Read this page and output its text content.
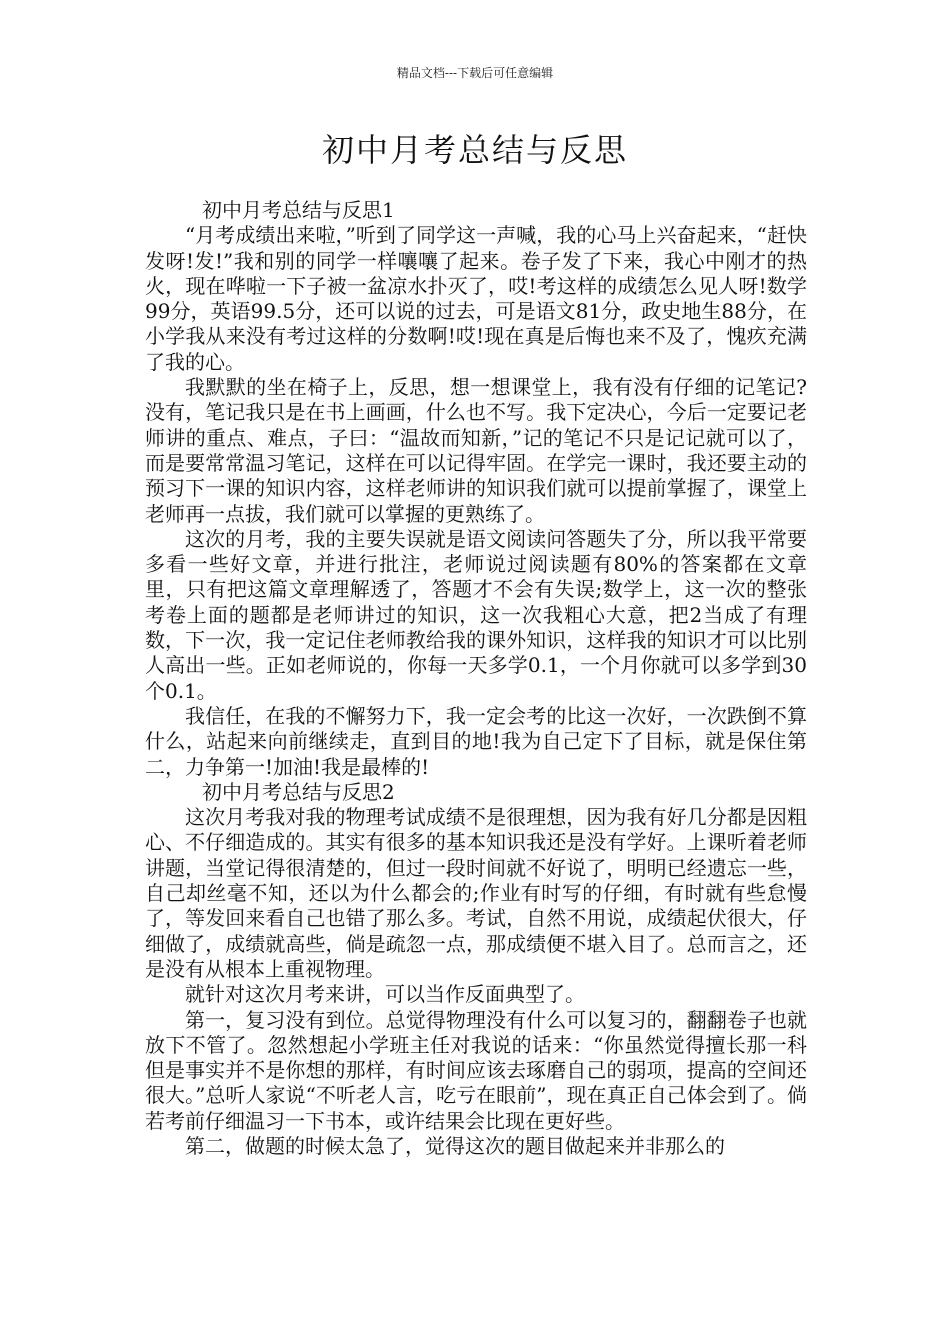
精品文档---下载后可任意编辑
初中月考总结与反思

初中月考总结与反思1

“月考成绩出来啦，”听到了同学这一声喊，我的心马上兴奋起来，“赶快发呀!发!”我和别的同学一样嚷嚷了起来。卷子发了下来，我心中刚才的热火，现在哗啦一下子被一盆凉水扑灭了，哎!考这样的成绩怎么见人呀!数学99分，英语99.5分，还可以说的过去，可是语文81分，政史地生88分，在小学我从来没有考过这样的分数啊!哎!现在真是后悔也来不及了，愧疚充满了我的心。

我默默的坐在椅子上，反思，想一想课堂上，我有没有仔细的记笔记?没有，笔记我只是在书上画画，什么也不写。我下定决心，今后一定要记老师讲的重点、难点，子曰：“温故而知新，”记的笔记不只是记记就可以了，而是要常常温习笔记，这样在可以记得牢固。在学完一课时，我还要主动的预习下一课的知识内容，这样老师讲的知识我们就可以提前掌握了，课堂上老师再一点拔，我们就可以掌握的更熟练了。

这次的月考，我的主要失误就是语文阅读问答题失了分，所以我平常要多看一些好文章，并进行批注，老师说过阅读题有80%的答案都在文章里，只有把这篇文章理解透了，答题才不会有失误;数学上，这一次的整张考卷上面的题都是老师讲过的知识，这一次我粗心大意，把2当成了有理数，下一次，我一定记住老师教给我的课外知识，这样我的知识才可以比别人高出一些。正如老师说的，你每一天多学0.1，一个月你就可以多学到30个0.1。

我信任，在我的不懈努力下，我一定会考的比这一次好，一次跌倒不算什么，站起来向前继续走，直到目的地!我为自己定下了目标，就是保住第二，力争第一!加油!我是最棒的!

初中月考总结与反思2

这次月考我对我的物理考试成绩不是很理想，因为我有好几分都是因粗心、不仔细造成的。其实有很多的基本知识我还是没有学好。上课听着老师讲题，当堂记得很清楚的，但过一段时间就不好说了，明明已经遗忘一些，自己却丝毫不知，还以为什么都会的;作业有时写的仔细，有时就有些怠慢了，等发回来看自己也错了那么多。考试，自然不用说，成绩起伏很大，仔细做了，成绩就高些，倘是疏忽一点，那成绩便不堪入目了。总而言之，还是没有从根本上重视物理。

就针对这次月考来讲，可以当作反面典型了。

第一，复习没有到位。总觉得物理没有什么可以复习的，翻翻卷子也就放下不管了。忽然想起小学班主任对我说的话来：“你虽然觉得擅长那一科但是事实并不是你想的那样，有时间应该去琢磨自己的弱项，提高的空间还很大。”总听人家说“不听老人言，吃亏在眼前”，现在真正自己体会到了。倘若考前仔细温习一下书本，或许结果会比现在更好些。

第二，做题的时候太急了，觉得这次的题目做起来并非那么的
